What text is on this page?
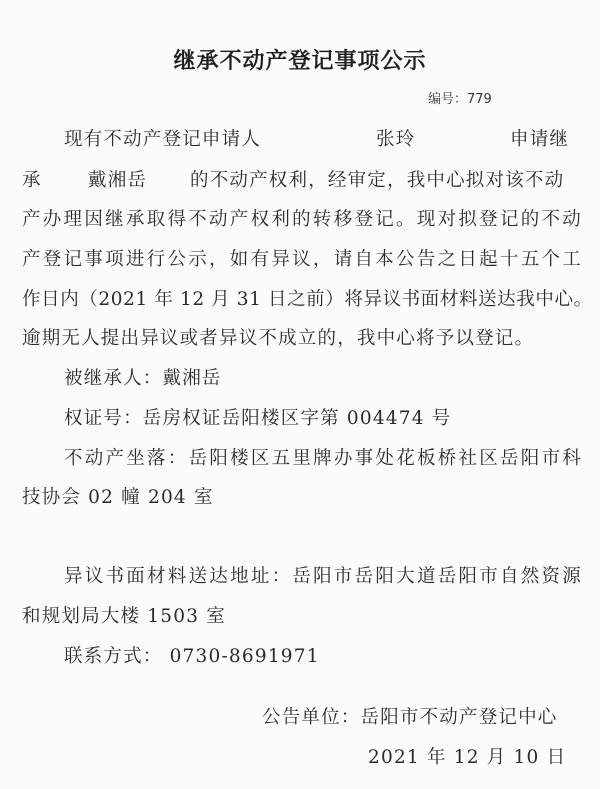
继承不动产登记事项公示
编号：779
现有不动产登记申请人	张玲	申请继
承	戴湘岳 的不动产权利，经审定，我中心拟对该不动
产办理因继承取得不动产权利的转移登记。现对拟登记的不动
产登记事项进行公示，如有异议，请自本公告之日起十五个工
作日内（2021 年 12 月 31 日之前）将异议书面材料送达我中心。
逾期无人提出异议或者异议不成立的，我中心将予以登记。
被继承人：戴湘岳
权证号：岳房权证岳阳楼区字第 004474 号
不动产坐落：岳阳楼区五里牌办事处花板桥社区岳阳市科
技协会 02 幢 204 室
异议书面材料送达地址：岳阳市岳阳大道岳阳市自然资源
和规划局大楼 1503 室
联系方式： 0730-8691971
公告单位：岳阳市不动产登记中心
2021 年 12 月 10 日
